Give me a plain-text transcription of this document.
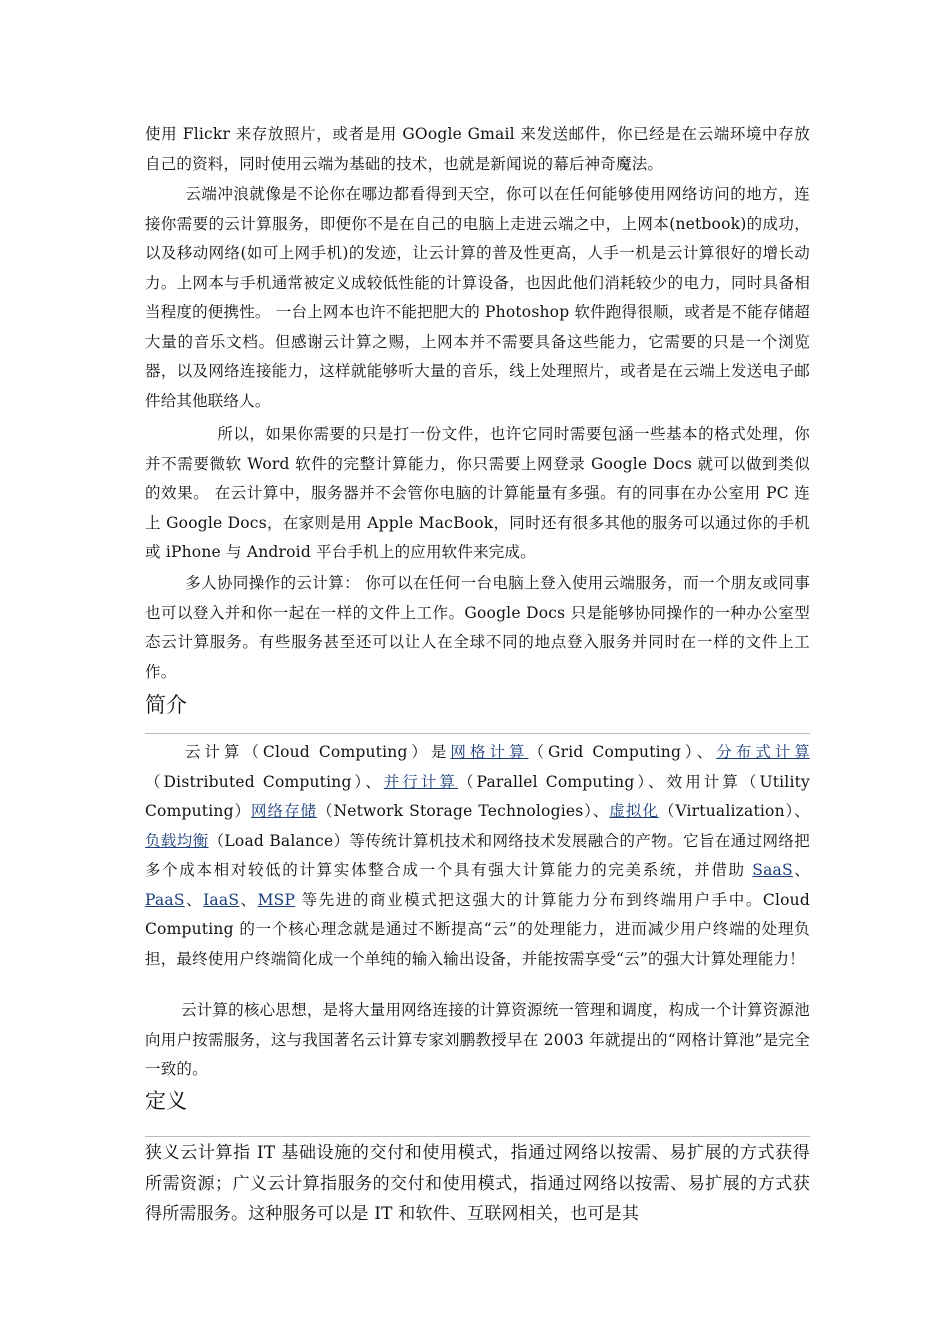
使用 Flickr 来存放照片，或者是用 GOogle Gmail 来发送邮件，你已经是在云端环境中存放自己的资料，同时使用云端为基础的技术，也就是新闻说的幕后神奇魔法。
云端冲浪就像是不论你在哪边都看得到天空，你可以在任何能够使用网络访问的地方，连接你需要的云计算服务，即便你不是在自己的电脑上走进云端之中，上网本(netbook)的成功，以及移动网络(如可上网手机)的发迹，让云计算的普及性更高，人手一机是云计算很好的增长动力。上网本与手机通常被定义成较低性能的计算设备，也因此他们消耗较少的电力，同时具备相当程度的便携性。 一台上网本也许不能把肥大的 Photoshop 软件跑得很顺，或者是不能存储超大量的音乐文档。但感谢云计算之赐，上网本并不需要具备这些能力，它需要的只是一个浏览器，以及网络连接能力，这样就能够听大量的音乐，线上处理照片，或者是在云端上发送电子邮件给其他联络人。
所以，如果你需要的只是打一份文件，也许它同时需要包涵一些基本的格式处理，你并不需要微软 Word 软件的完整计算能力，你只需要上网登录 Google Docs 就可以做到类似的效果。 在云计算中，服务器并不会管你电脑的计算能量有多强。有的同事在办公室用 PC 连上 Google Docs，在家则是用 Apple MacBook，同时还有很多其他的服务可以通过你的手机或 iPhone 与 Android 平台手机上的应用软件来完成。
多人协同操作的云计算： 你可以在任何一台电脑上登入使用云端服务，而一个朋友或同事也可以登入并和你一起在一样的文件上工作。Google Docs 只是能够协同操作的一种办公室型态云计算服务。有些服务甚至还可以让人在全球不同的地点登入服务并同时在一样的文件上工作。
简介
云计算（Cloud Computing）是网格计算（Grid Computing）、分布式计算（Distributed Computing）、并行计算（Parallel Computing）、效用计算（Utility Computing）网络存储（Network Storage Technologies）、虚拟化（Virtualization）、负载均衡（Load Balance）等传统计算机技术和网络技术发展融合的产物。它旨在通过网络把多个成本相对较低的计算实体整合成一个具有强大计算能力的完美系统，并借助 SaaS、PaaS、IaaS、MSP 等先进的商业模式把这强大的计算能力分布到终端用户手中。Cloud Computing 的一个核心理念就是通过不断提高“云”的处理能力，进而减少用户终端的处理负担，最终使用户终端简化成一个单纯的输入输出设备，并能按需享受“云”的强大计算处理能力！
云计算的核心思想，是将大量用网络连接的计算资源统一管理和调度，构成一个计算资源池向用户按需服务，这与我国著名云计算专家刘鹏教授早在 2003 年就提出的“网格计算池”是完全一致的。
定义
狭义云计算指 IT 基础设施的交付和使用模式，指通过网络以按需、易扩展的方式获得所需资源；广义云计算指服务的交付和使用模式，指通过网络以按需、易扩展的方式获得所需服务。这种服务可以是 IT 和软件、互联网相关，也可是其
